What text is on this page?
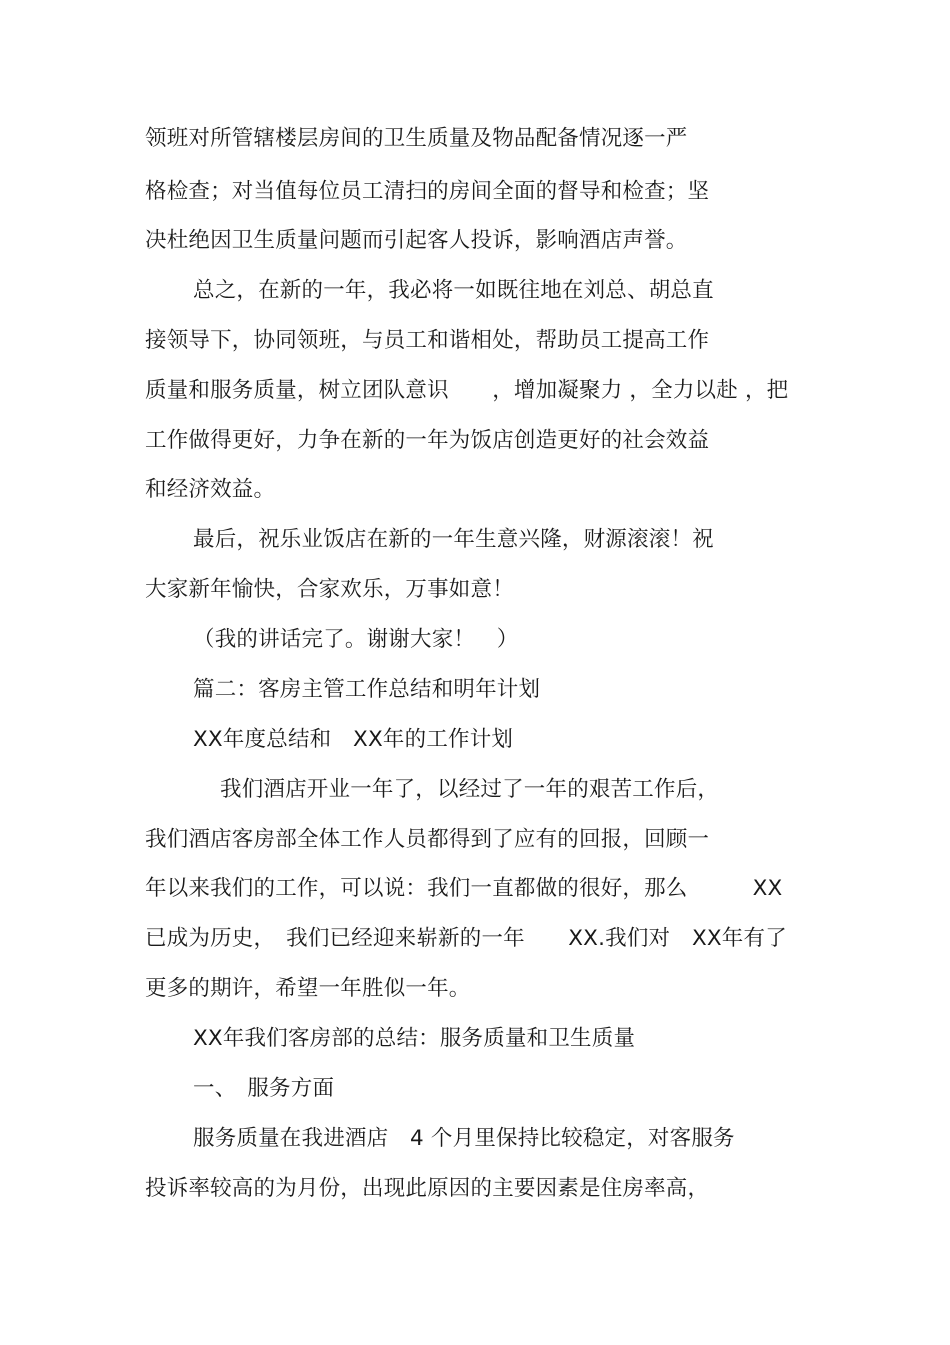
领班对所管辖楼层房间的卫生质量及物品配备情况逐一严
格检查；对当值每位员工清扫的房间全面的督导和检查；坚
决杜绝因卫生质量问题而引起客人投诉，影响酒店声誉。
总之，在新的一年，我必将一如既往地在刘总、胡总直
接领导下，协同领班，与员工和谐相处，帮助员工提高工作
质量和服务质量，树立团队意识　　，增加凝聚力 ，全力以赴 ，把
工作做得更好，力争在新的一年为饭店创造更好的社会效益
和经济效益。
最后，祝乐业饭店在新的一年生意兴隆，财源滚滚！祝
大家新年愉快，合家欢乐，万事如意！
（我的讲话完了。谢谢大家！　）
篇二：客房主管工作总结和明年计划
XX年度总结和　XX年的工作计划
我们酒店开业一年了，以经过了一年的艰苦工作后，
我们酒店客房部全体工作人员都得到了应有的回报，回顾一
年以来我们的工作，可以说：我们一直都做的很好，那么　　　XX
已成为历史，　我们已经迎来崭新的一年　　XX.我们对　XX年有了
更多的期许，希望一年胜似一年。
XX年我们客房部的总结：服务质量和卫生质量
一、　服务方面
服务质量在我进酒店　4 个月里保持比较稳定，对客服务
投诉率较高的为月份，出现此原因的主要因素是住房率高，
